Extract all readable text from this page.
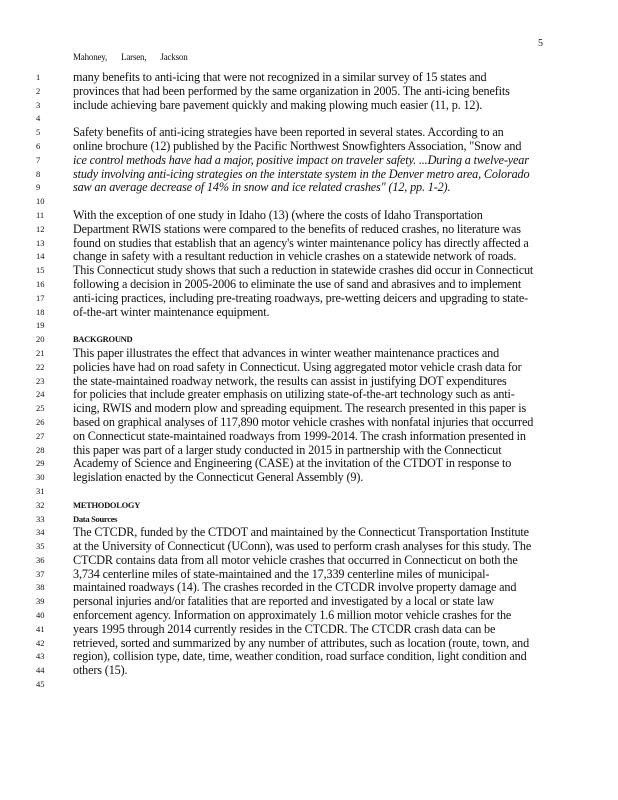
5
Mahoney, Larsen, Jackson
1	many benefits to anti-icing that were not recognized in a similar survey of 15 states and
2	provinces that had been performed by the same organization in 2005. The anti-icing benefits
3	include achieving bare pavement quickly and making plowing much easier (11, p. 12).
4
5	Safety benefits of anti-icing strategies have been reported in several states. According to an
6	online brochure (12) published by the Pacific Northwest Snowfighters Association, "Snow and
7	ice control methods have had a major, positive impact on traveler safety. ...During a twelve-year
8	study involving anti-icing strategies on the interstate system in the Denver metro area, Colorado
9	saw an average decrease of 14% in snow and ice related crashes" (12, pp. 1-2).
10
11	With the exception of one study in Idaho (13) (where the costs of Idaho Transportation
12	Department RWIS stations were compared to the benefits of reduced crashes, no literature was
13	found on studies that establish that an agency's winter maintenance policy has directly affected a
14	change in safety with a resultant reduction in vehicle crashes on a statewide network of roads.
15	This Connecticut study shows that such a reduction in statewide crashes did occur in Connecticut
16	following a decision in 2005-2006 to eliminate the use of sand and abrasives and to implement
17	anti-icing practices, including pre-treating roadways, pre-wetting deicers and upgrading to state-
18	of-the-art winter maintenance equipment.
19
20	BACKGROUND
21	This paper illustrates the effect that advances in winter weather maintenance practices and
22	policies have had on road safety in Connecticut. Using aggregated motor vehicle crash data for
23	the state-maintained roadway network, the results can assist in justifying DOT expenditures
24	for policies that include greater emphasis on utilizing state-of-the-art technology such as anti-
25	icing, RWIS and modern plow and spreading equipment. The research presented in this paper is
26	based on graphical analyses of 117,890 motor vehicle crashes with nonfatal injuries that occurred
27	on Connecticut state-maintained roadways from 1999-2014. The crash information presented in
28	this paper was part of a larger study conducted in 2015 in partnership with the Connecticut
29	Academy of Science and Engineering (CASE) at the invitation of the CTDOT in response to
30	legislation enacted by the Connecticut General Assembly (9).
31
32	METHODOLOGY
33	Data Sources
34	The CTCDR, funded by the CTDOT and maintained by the Connecticut Transportation Institute
35	at the University of Connecticut (UConn), was used to perform crash analyses for this study. The
36	CTCDR contains data from all motor vehicle crashes that occurred in Connecticut on both the
37	3,734 centerline miles of state-maintained and the 17,339 centerline miles of municipal-
38	maintained roadways (14). The crashes recorded in the CTCDR involve property damage and
39	personal injuries and/or fatalities that are reported and investigated by a local or state law
40	enforcement agency. Information on approximately 1.6 million motor vehicle crashes for the
41	years 1995 through 2014 currently resides in the CTCDR. The CTCDR crash data can be
42	retrieved, sorted and summarized by any number of attributes, such as location (route, town, and
43	region), collision type, date, time, weather condition, road surface condition, light condition and
44	others (15).
45
